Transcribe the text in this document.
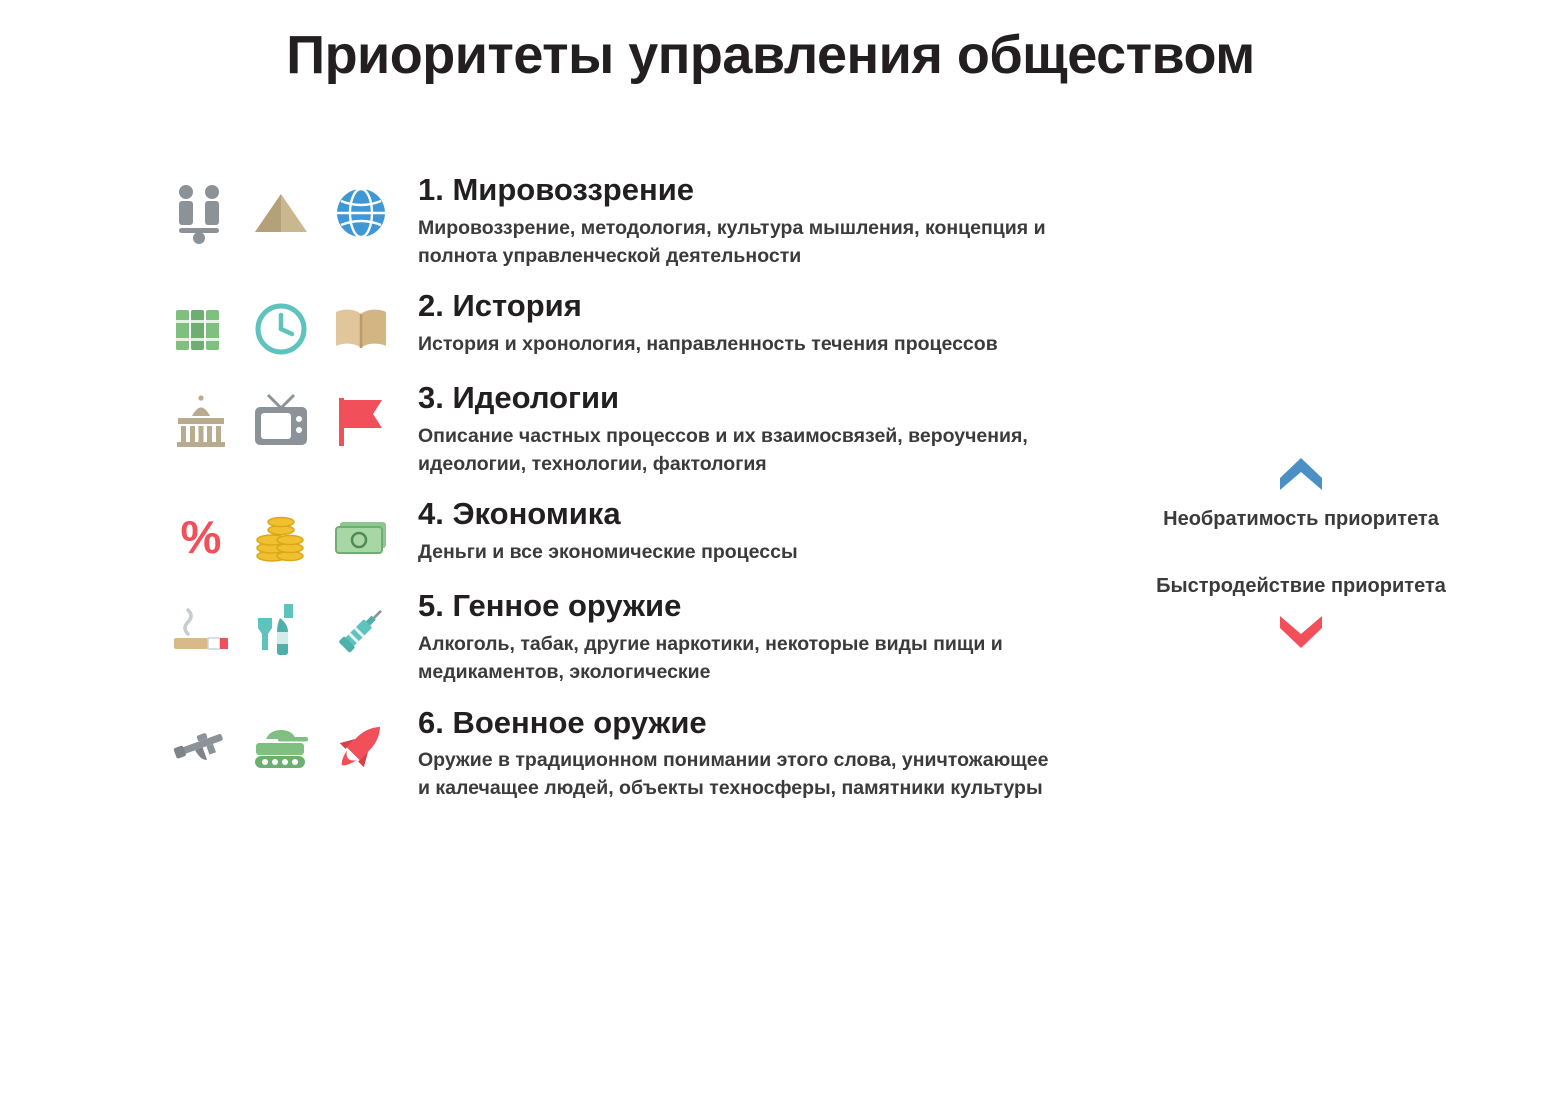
Приоритеты управления обществом
1. Мировоззрение
Мировоззрение, методология, культура мышления, концепция и полнота управленческой деятельности
2. История
История и хронология, направленность течения процессов
3. Идеологии
Описание частных процессов и их взаимосвязей, вероучения, идеологии, технологии, фактология
%	4. Экономика
Деньги и все экономические процессы
5. Генное оружие
Алкоголь, табак, другие наркотики, некоторые виды пищи и медикаментов, экологические
6. Военное оружие
Оружие в традиционном понимании этого слова, уничтожающее и калечащее людей, объекты техносферы, памятники культуры
Необратимость приоритета
Быстродействие приоритета
